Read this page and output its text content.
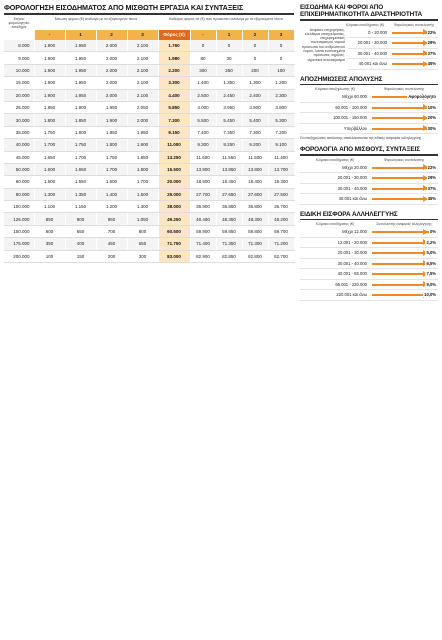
ΦΟΡΟΛΟΓΗΣΗ ΕΙΣΟΔΗΜΑΤΟΣ ΑΠΟ ΜΙΣΘΩΤΗ ΕΡΓΑΣΙΑ ΚΑΙ ΣΥΝΤΑΞΕΙΣ
Ετήσιο φορολογητέο εισόδημα
Μειωση φόρου (€) ανάλογα με τα εξαρτώμενα τέκνα	Καθαρός φόρος σε (€) που προκύπτει ανάλογα με τα εξαρτώμενα τέκνα
	-	1	2	3	Φόρος (€)	-	1	2	3
8.000	1.900	1.950	2.000	2.100	1.760	0	0	0	0
9.000	1.900	1.950	2.000	2.100	1.980	80	30	0	0
10.000	1.900	1.950	2.000	2.100	2.200	300	250	200	100
15.000	1.900	1.950	2.000	2.100	3.300	1.400	1.350	1.300	1.200
20.000	1.900	1.950	2.000	2.100	4.400	2.500	2.450	2.400	2.300
25.000	1.850	1.900	1.950	2.050	5.850	4.000	3.950	3.900	3.800
30.000	1.800	1.850	1.900	2.000	7.300	5.500	5.450	5.400	5.300
35.000	1.750	1.800	1.850	1.950	9.150	7.400	7.350	7.300	7.200
40.000	1.700	1.750	1.800	1.900	11.000	9.300	9.250	9.200	9.100
45.000	1.650	1.700	1.750	1.850	13.250	11.600	11.550	11.500	11.400
50.000	1.600	1.650	1.700	1.800	15.500	13.900	13.850	13.800	13.700
60.000	1.500	1.550	1.600	1.700	20.000	18.500	18.450	18.400	18.300
80.000	1.300	1.350	1.400	1.500	29.000	27.700	27.650	27.600	27.500
100.000	1.100	1.150	1.200	1.300	38.000	36.900	36.850	36.800	36.700
125.000	850	900	950	1.050	49.250	48.400	48.350	48.300	48.200
150.000	600	650	700	800	60.500	59.900	59.850	59.800	59.700
175.000	350	400	450	550	71.750	71.400	71.350	71.300	71.200
200.000	100	150	200	300	83.000	82.900	82.850	82.800	82.700
ΕΙΣΟΔΗΜΑ ΚΑΙ ΦΟΡΟΙ ΑΠΟ ΕΠΙΧΕΙΡΗΜΑΤΙΚΟΤΗΤΑ ΔΡΑΣΤΗΡΙΟΤΗΤΑ
Κλίμακα εισοδήματος (€)	Φορολογικός συντελεστής
Ατομικές επιχειρήσεις, ελεύθεροι επαγγελματίες, επιχειρηματικές συνεταιρισμοί, νομικά πρόσωπα του ανθρώπινου νομού, λοιπά ενοποιημένα πρόσωπα, αγρότες, αγροτικοί συνεταιρισμοί
0 - 20.000	22%
20.001 - 30.000	29%
30.001 - 40.000	37%
40.001 και άνω	45%
ΑΠΟΖΗΜΙΩΣΕΙΣ ΑΠΟΛΥΣΗΣ
Κλίμακα αποζημίωσης (€)	Φορολογικός συντελεστής
Μέχρι 60.000	Αφορολόγητο
60.001 - 100.000	10%
100.001 - 150.000	20%
Υπερβάλλον	30%
Οι αποζημιώσεις απόλυσης απαλλάσσονται της ειδικής εισφοράς αλληλεγγύης
ΦΟΡΟΛΟΓΙΑ ΑΠΟ ΜΙΣΘΟΥΣ, ΣΥΝΤΑΞΕΙΣ
Κλίμακα εισοδήματος (€)	Φορολογικός συντελεστής
Μέχρι 20.000	22%
20.001 - 30.000	29%
30.001 - 40.000	37%
40.001 και άνω	45%
ΕΙΔΙΚΗ ΕΙΣΦΟΡΑ ΑΛΛΗΛΕΓΓΥΗΣ
Κλίμακα εισοδήματος (€)	Συντελεστής εισφοράς αλληλεγγύης
Μέχρι 12.000	0%
12.001 - 20.000	2,2%
20.001 - 30.000	5,0%
30.001 - 40.000	6,5%
40.001 - 65.000	7,5%
65.001 - 220.000	9,0%
220.001 και άνω	10,0%
